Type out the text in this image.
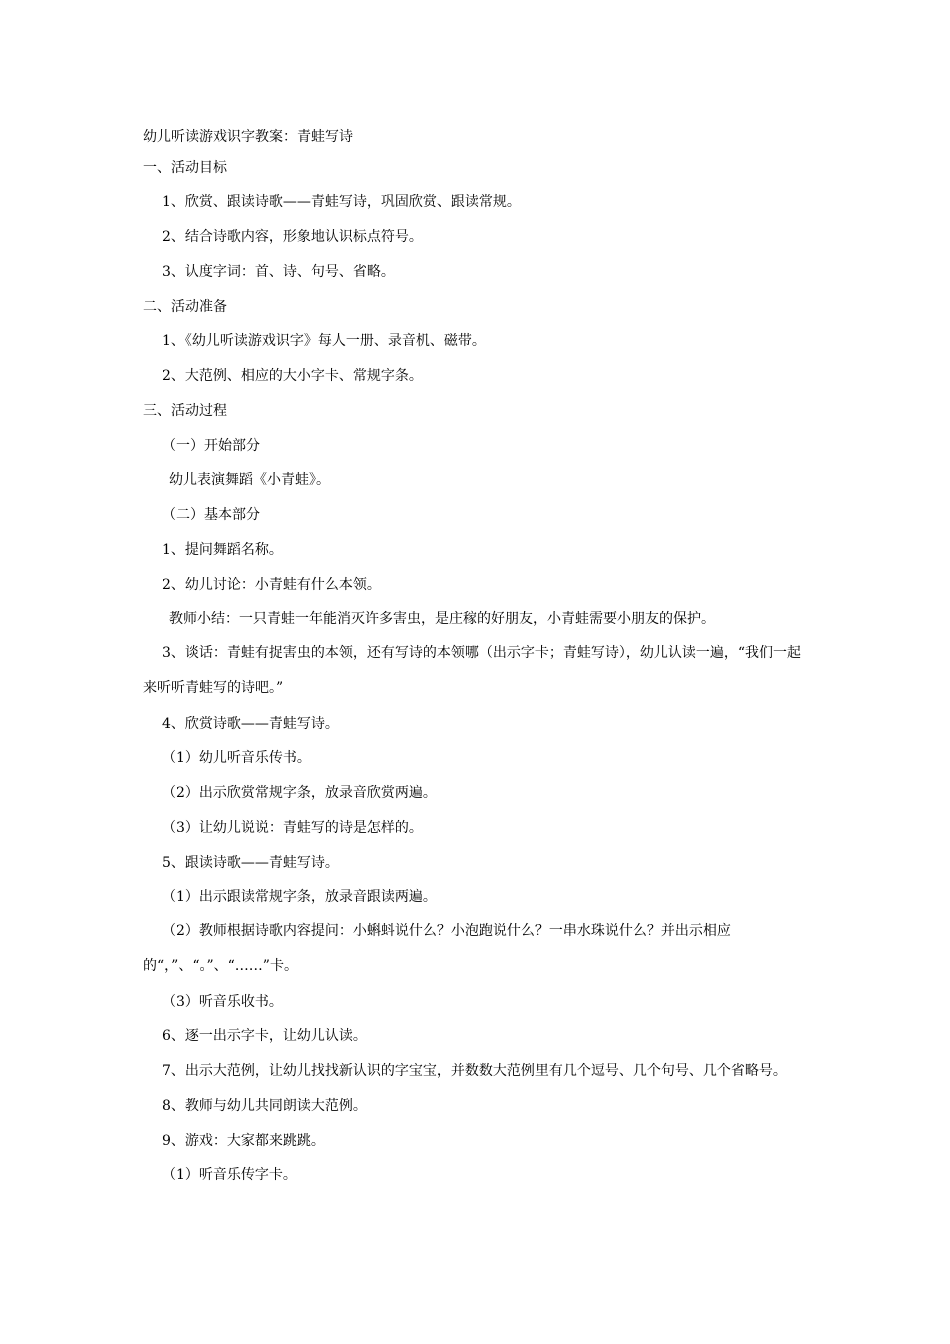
幼儿听读游戏识字教案：青蛙写诗
一、活动目标
1、欣赏、跟读诗歌——青蛙写诗，巩固欣赏、跟读常规。
2、结合诗歌内容，形象地认识标点符号。
3、认度字词：首、诗、句号、省略。
二、活动准备
1、《幼儿听读游戏识字》每人一册、录音机、磁带。
2、大范例、相应的大小字卡、常规字条。
三、活动过程
（一）开始部分
幼儿表演舞蹈《小青蛙》。
（二）基本部分
1、提问舞蹈名称。
2、幼儿讨论：小青蛙有什么本领。
教师小结：一只青蛙一年能消灭许多害虫，是庄稼的好朋友，小青蛙需要小朋友的保护。
3、谈话：青蛙有捉害虫的本领，还有写诗的本领哪（出示字卡；青蛙写诗），幼儿认读一遍，“我们一起来听听青蛙写的诗吧。”
4、欣赏诗歌——青蛙写诗。
（1）幼儿听音乐传书。
（2）出示欣赏常规字条，放录音欣赏两遍。
（3）让幼儿说说：青蛙写的诗是怎样的。
5、跟读诗歌——青蛙写诗。
（1）出示跟读常规字条，放录音跟读两遍。
（2）教师根据诗歌内容提问：小蝌蚪说什么？小泡跑说什么？一串水珠说什么？并出示相应的“，”、“。”、“……”卡。
（3）听音乐收书。
6、逐一出示字卡，让幼儿认读。
7、出示大范例，让幼儿找找新认识的字宝宝，并数数大范例里有几个逗号、几个句号、几个省略号。
8、教师与幼儿共同朗读大范例。
9、游戏：大家都来跳跳。
（1）听音乐传字卡。
